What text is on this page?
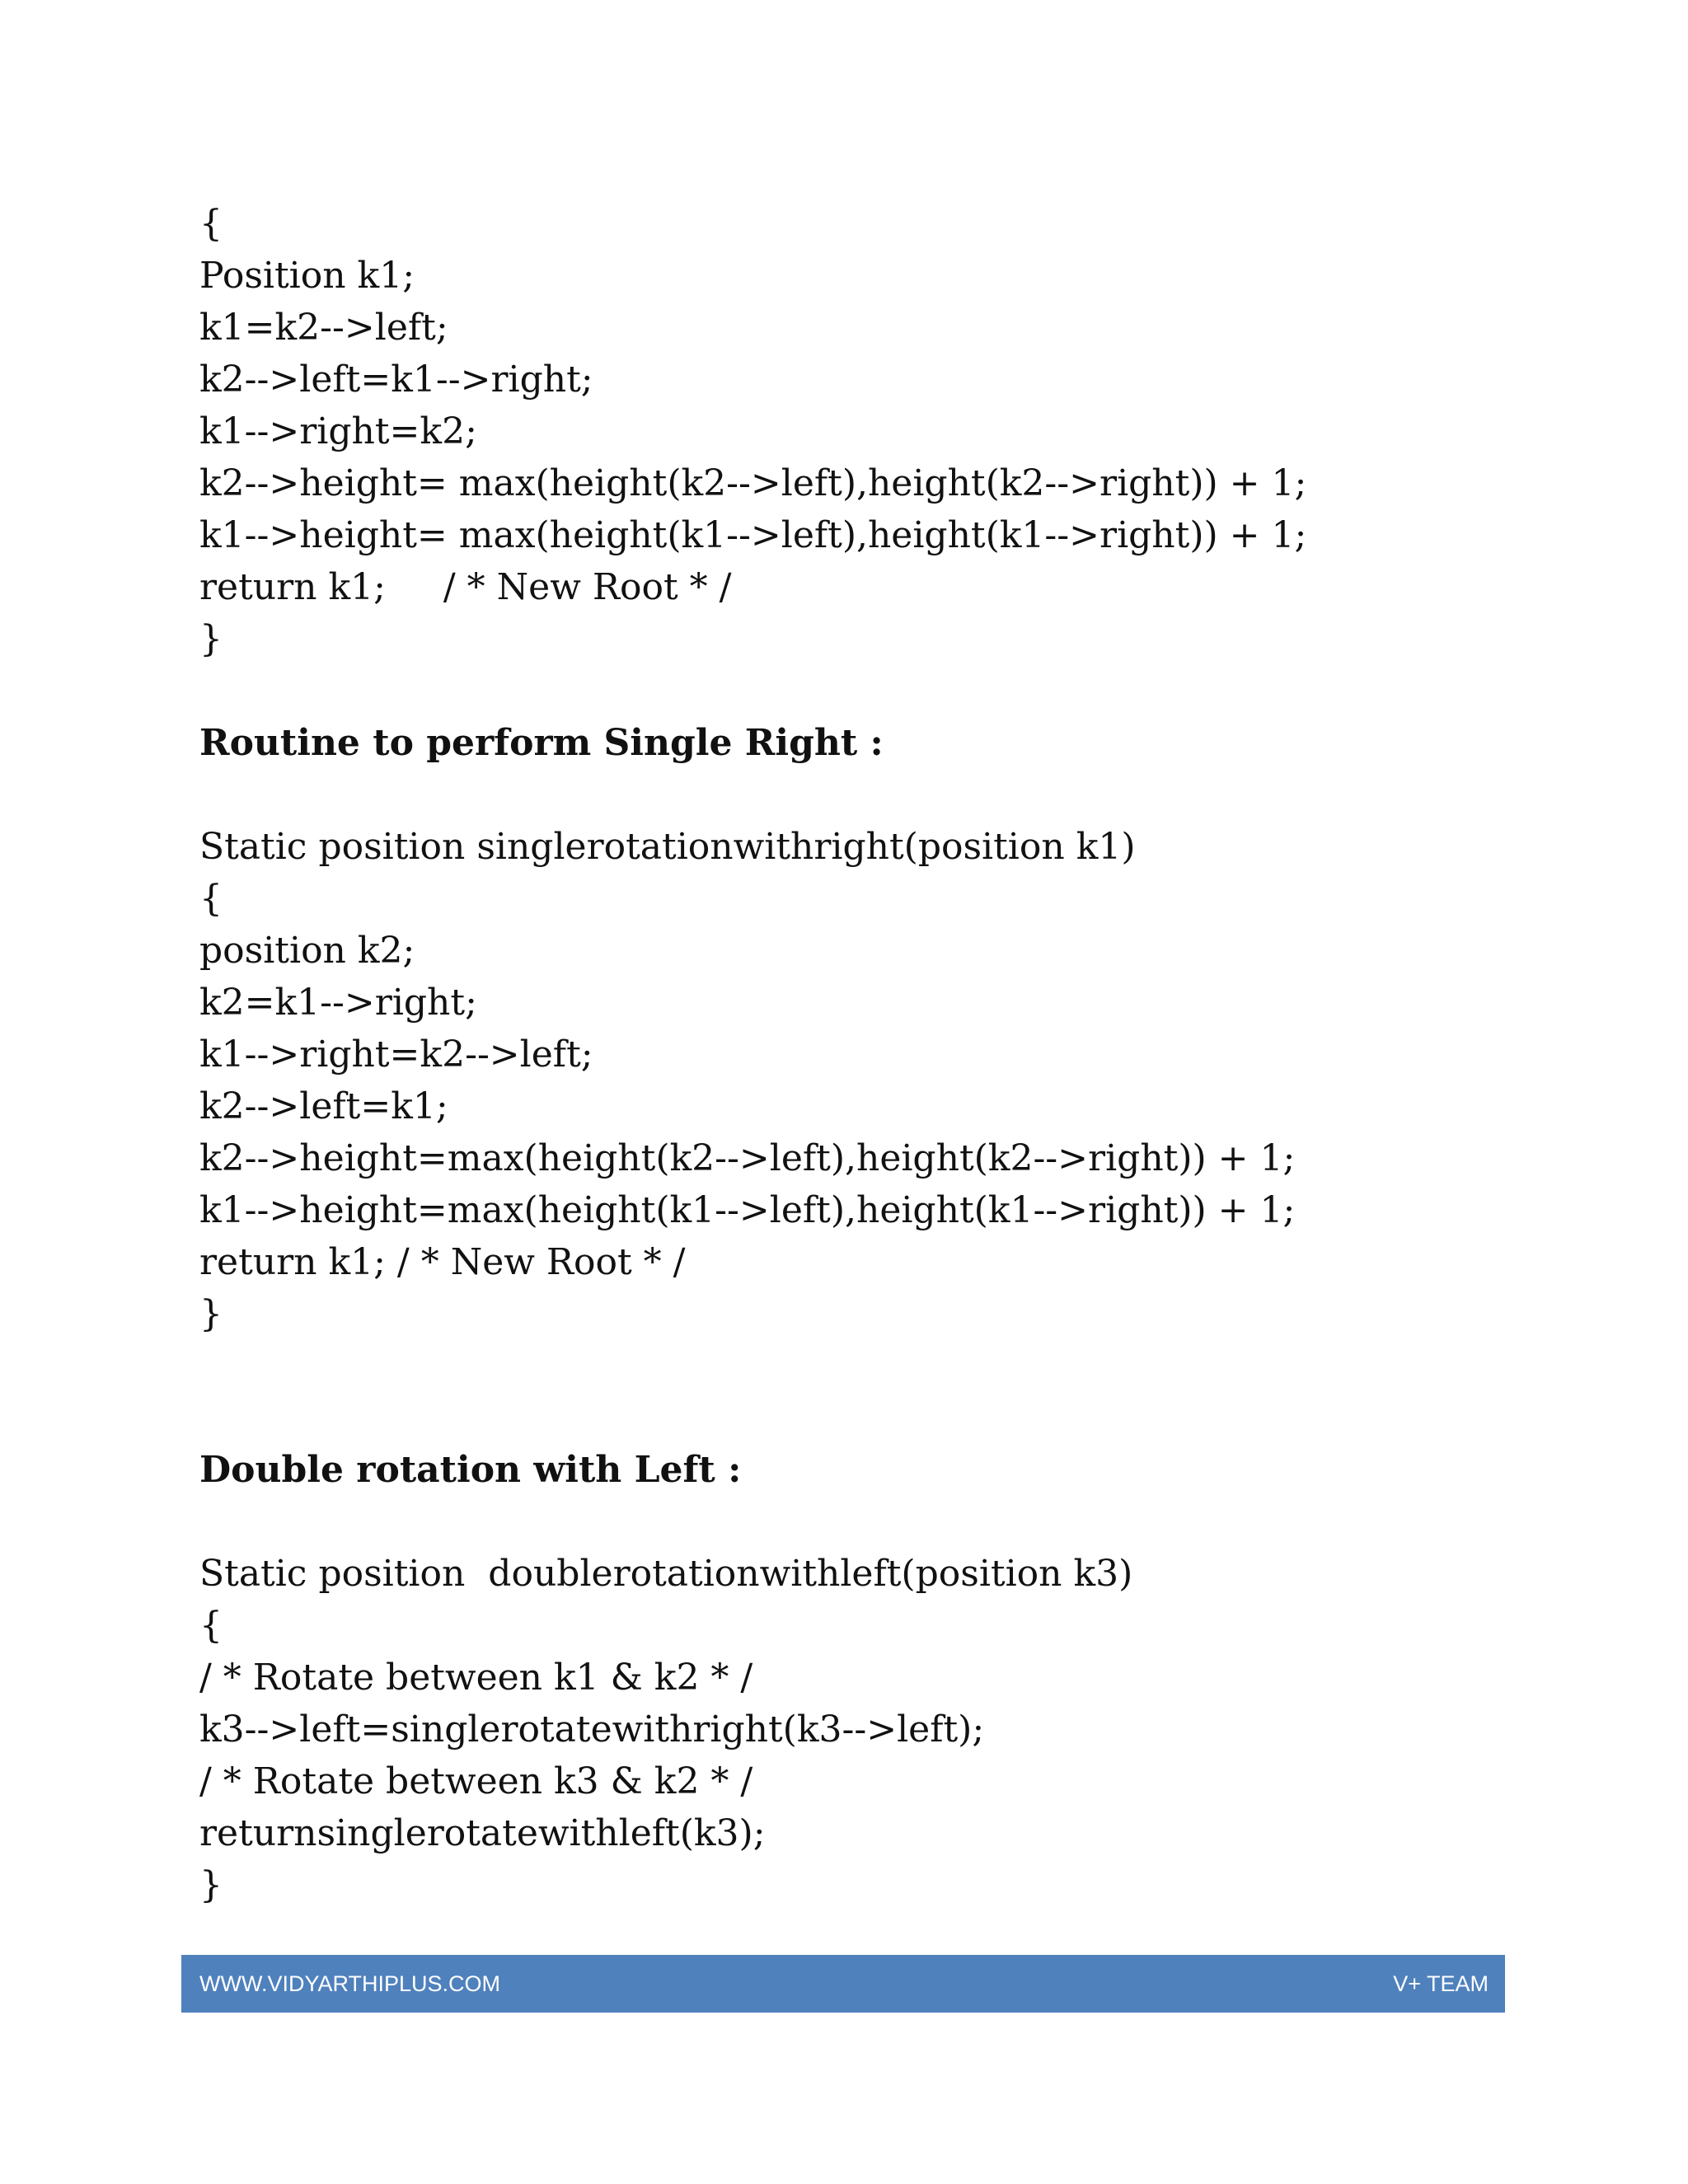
{
Position k1;
k1=k2-->left;
k2-->left=k1-->right;
k1-->right=k2;
k2-->height= max(height(k2-->left),height(k2-->right)) + 1;
k1-->height= max(height(k1-->left),height(k1-->right)) + 1;
return k1;     / * New Root * /
}
Routine to perform Single Right :
Static position singlerotationwithright(position k1)
{
position k2;
k2=k1-->right;
k1-->right=k2-->left;
k2-->left=k1;
k2-->height=max(height(k2-->left),height(k2-->right)) + 1;
k1-->height=max(height(k1-->left),height(k1-->right)) + 1;
return k1; / * New Root * /
}
Double rotation with Left :
Static position  doublerotationwithleft(position k3)
{
/ * Rotate between k1 & k2 * /
k3-->left=singlerotatewithright(k3-->left);
/ * Rotate between k3 & k2 * /
returnsinglerotatewithleft(k3);
}
WWW.VIDYARTHIPLUS.COM	V+ TEAM
